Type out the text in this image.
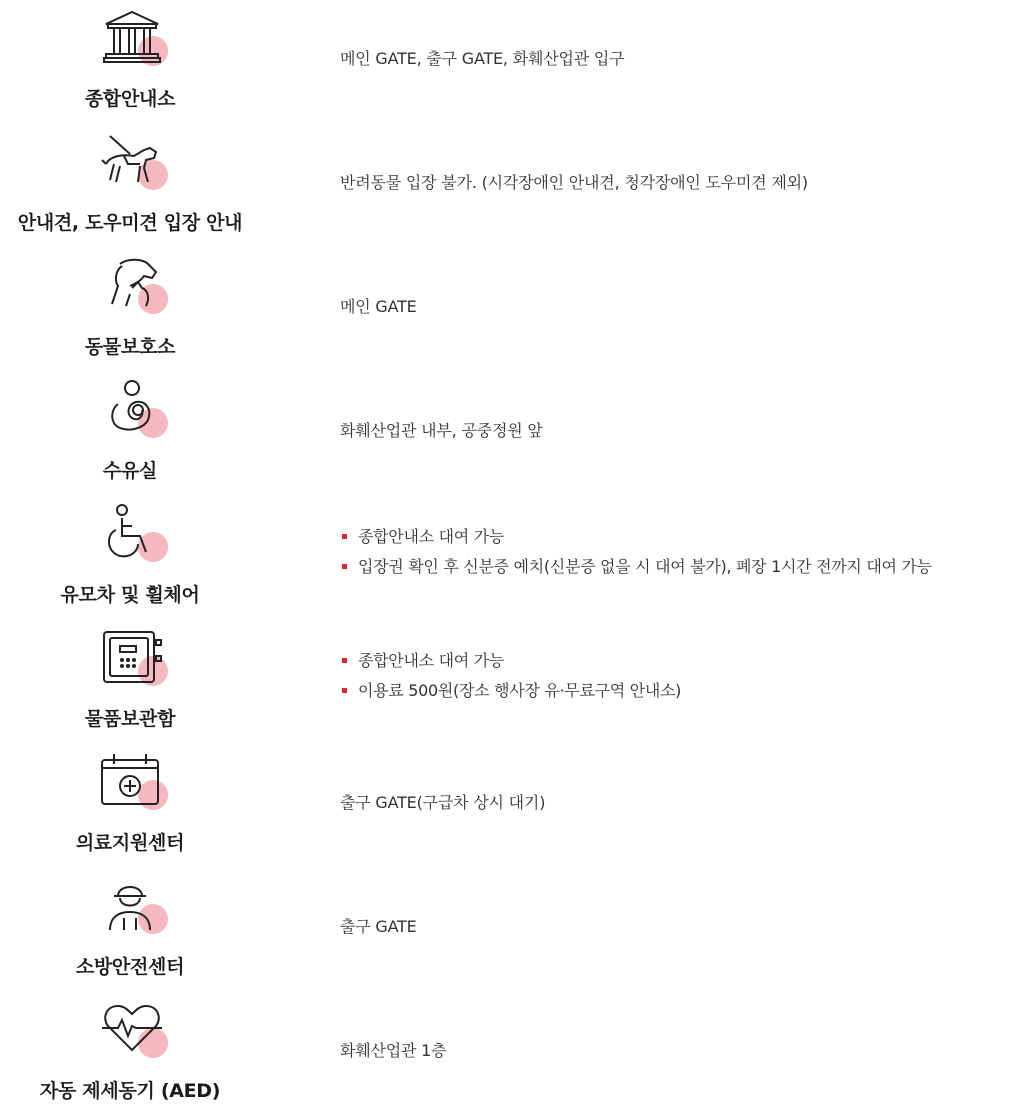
종합안내소
메인 GATE, 출구 GATE, 화훼산업관 입구
안내견, 도우미견 입장 안내
반려동물 입장 불가. (시각장애인 안내견, 청각장애인 도우미견 제외)
동물보호소
메인 GATE
수유실
화훼산업관 내부, 공중정원 앞
유모차 및 휠체어
종합안내소 대여 가능
입장권 확인 후 신분증 예치(신분증 없을 시 대여 불가), 폐장 1시간 전까지 대여 가능
물품보관함
종합안내소 대여 가능
이용료 500원(장소 행사장 유·무료구역 안내소)
의료지원센터
출구 GATE(구급차 상시 대기)
소방안전센터
출구 GATE
자동 제세동기 (AED)
화훼산업관 1층
